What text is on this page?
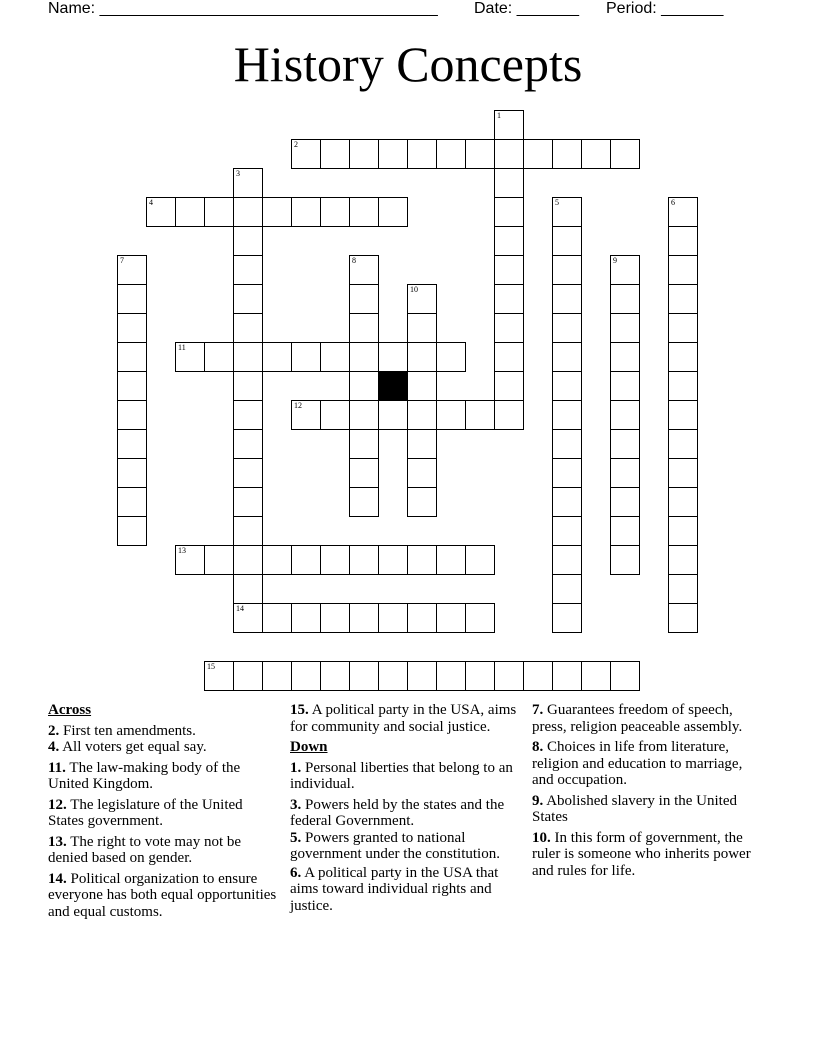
Name: ______________________________________ Date: _______ Period: _______
History Concepts
1
2
3
14
4	5	6
7	8	9
10
11
12
13
15
Across
2. First ten amendments.
4. All voters get equal say.
11. The law-making body of the United Kingdom.
12. The legislature of the United States government.
13. The right to vote may not be denied based on gender.
14. Political organization to ensure everyone has both equal opportunities and equal customs.
15. A political party in the USA, aims for community and social justice.
Down
1. Personal liberties that belong to an individual.
3. Powers held by the states and the federal Government.
5. Powers granted to national government under the constitution.
6. A political party in the USA that aims toward individual rights and justice.
7. Guarantees freedom of speech, press, religion peaceable assembly.
8. Choices in life from literature, religion and education to marriage, and occupation.
9. Abolished slavery in the United States
10. In this form of government, the ruler is someone who inherits power and rules for life.
